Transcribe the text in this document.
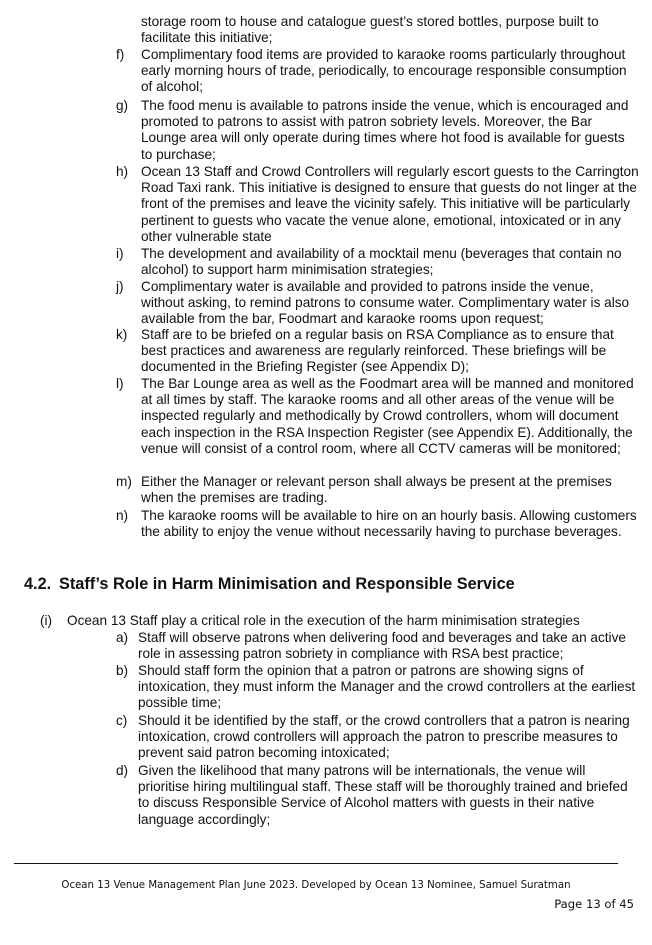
storage room to house and catalogue guest’s stored bottles, purpose built to facilitate this initiative;
f)	Complimentary food items are provided to karaoke rooms particularly throughout early morning hours of trade, periodically, to encourage responsible consumption of alcohol;
g) The food menu is available to patrons inside the venue, which is encouraged and promoted to patrons to assist with patron sobriety levels. Moreover, the Bar Lounge area will only operate during times where hot food is available for guests to purchase;
h) Ocean 13 Staff and Crowd Controllers will regularly escort guests to the Carrington Road Taxi rank. This initiative is designed to ensure that guests do not linger at the front of the premises and leave the vicinity safely. This initiative will be particularly pertinent to guests who vacate the venue alone, emotional, intoxicated or in any other vulnerable state
i)	The development and availability of a mocktail menu (beverages that contain no alcohol) to support harm minimisation strategies;
j)	Complimentary water is available and provided to patrons inside the venue, without asking, to remind patrons to consume water. Complimentary water is also available from the bar, Foodmart and karaoke rooms upon request;
k)	Staff are to be briefed on a regular basis on RSA Compliance as to ensure that best practices and awareness are regularly reinforced. These briefings will be documented in the Briefing Register (see Appendix D);
l)	The Bar Lounge area as well as the Foodmart area will be manned and monitored at all times by staff. The karaoke rooms and all other areas of the venue will be inspected regularly and methodically by Crowd controllers, whom will document each inspection in the RSA Inspection Register (see Appendix E). Additionally, the venue will consist of a control room, where all CCTV cameras will be monitored;
m) Either the Manager or relevant person shall always be present at the premises when the premises are trading.
n) The karaoke rooms will be available to hire on an hourly basis. Allowing customers the ability to enjoy the venue without necessarily having to purchase beverages.
4.2. Staff’s Role in Harm Minimisation and Responsible Service
(i) Ocean 13 Staff play a critical role in the execution of the harm minimisation strategies
a) Staff will observe patrons when delivering food and beverages and take an active role in assessing patron sobriety in compliance with RSA best practice;
b) Should staff form the opinion that a patron or patrons are showing signs of intoxication, they must inform the Manager and the crowd controllers at the earliest possible time;
c) Should it be identified by the staff, or the crowd controllers that a patron is nearing intoxication, crowd controllers will approach the patron to prescribe measures to prevent said patron becoming intoxicated;
d) Given the likelihood that many patrons will be internationals, the venue will prioritise hiring multilingual staff. These staff will be thoroughly trained and briefed to discuss Responsible Service of Alcohol matters with guests in their native language accordingly;
Ocean 13 Venue Management Plan June 2023. Developed by Ocean 13 Nominee, Samuel Suratman
Page 13 of 45
